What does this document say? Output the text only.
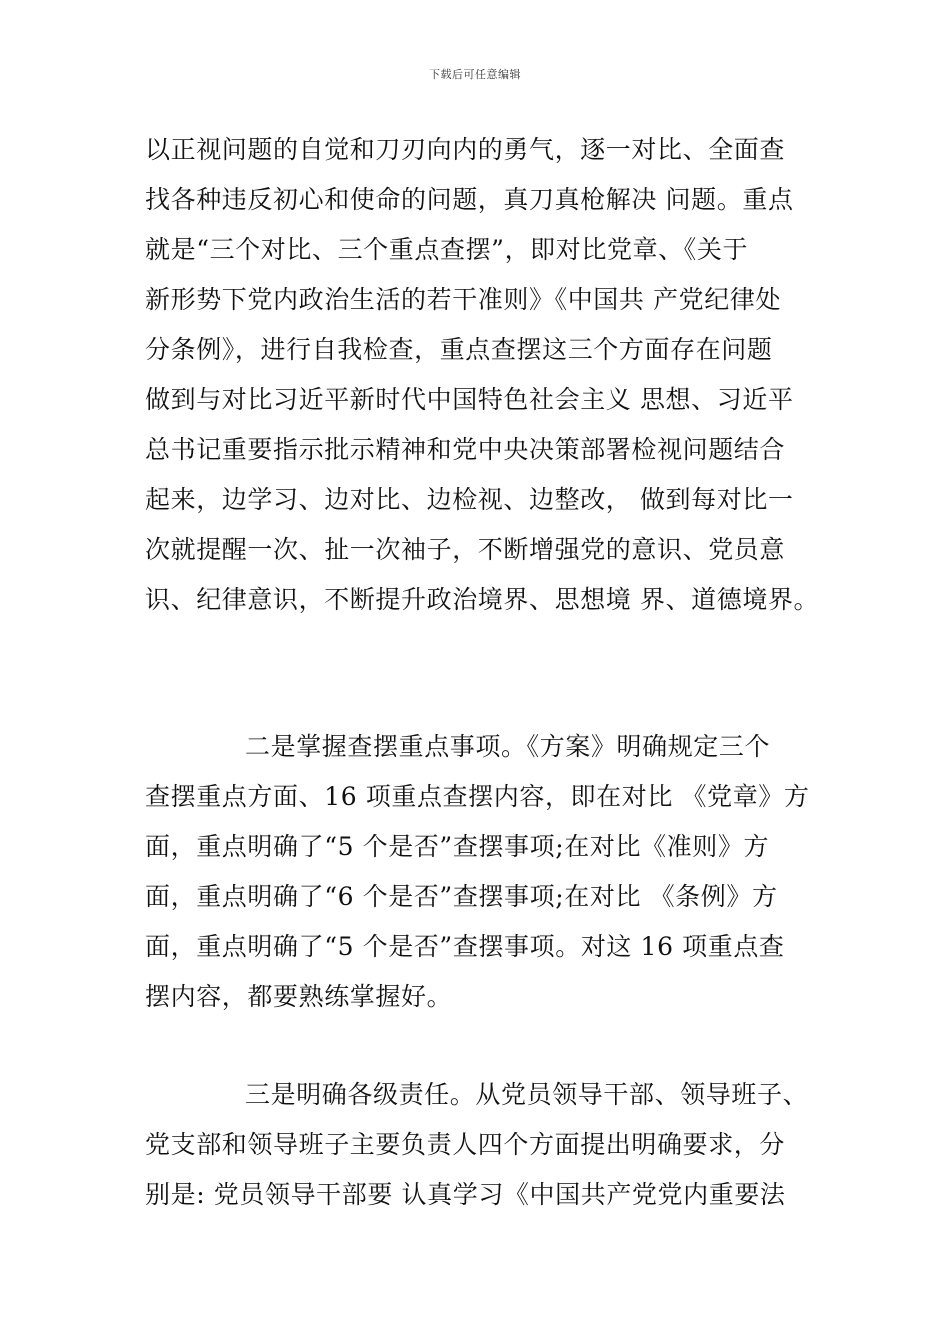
下载后可任意编辑
以正视问题的自觉和刀刃向内的勇气，逐一对比、全面查
找各种违反初心和使命的问题，真刀真枪解决 问题。重点
就是“三个对比、三个重点查摆”，即对比党章、《关于
新形势下党内政治生活的若干准则》《中国共 产党纪律处
分条例》，进行自我检查，重点查摆这三个方面存在问题
做到与对比习近平新时代中国特色社会主义 思想、习近平
总书记重要指示批示精神和党中央决策部署检视问题结合
起来，边学习、边对比、边检视、边整改， 做到每对比一
次就提醒一次、扯一次袖子，不断增强党的意识、党员意
识、纪律意识，不断提升政治境界、思想境 界、道德境界。
二是掌握查摆重点事项。《方案》明确规定三个
查摆重点方面、16 项重点查摆内容，即在对比 《党章》方
面，重点明确了“5 个是否”查摆事项;在对比《准则》方
面，重点明确了“6 个是否”查摆事项;在对比 《条例》方
面，重点明确了“5 个是否”查摆事项。对这 16 项重点查
摆内容，都要熟练掌握好。
三是明确各级责任。从党员领导干部、领导班子、
党支部和领导班子主要负责人四个方面提出明确要求，分
别是: 党员领导干部要 认真学习《中国共产党党内重要法
